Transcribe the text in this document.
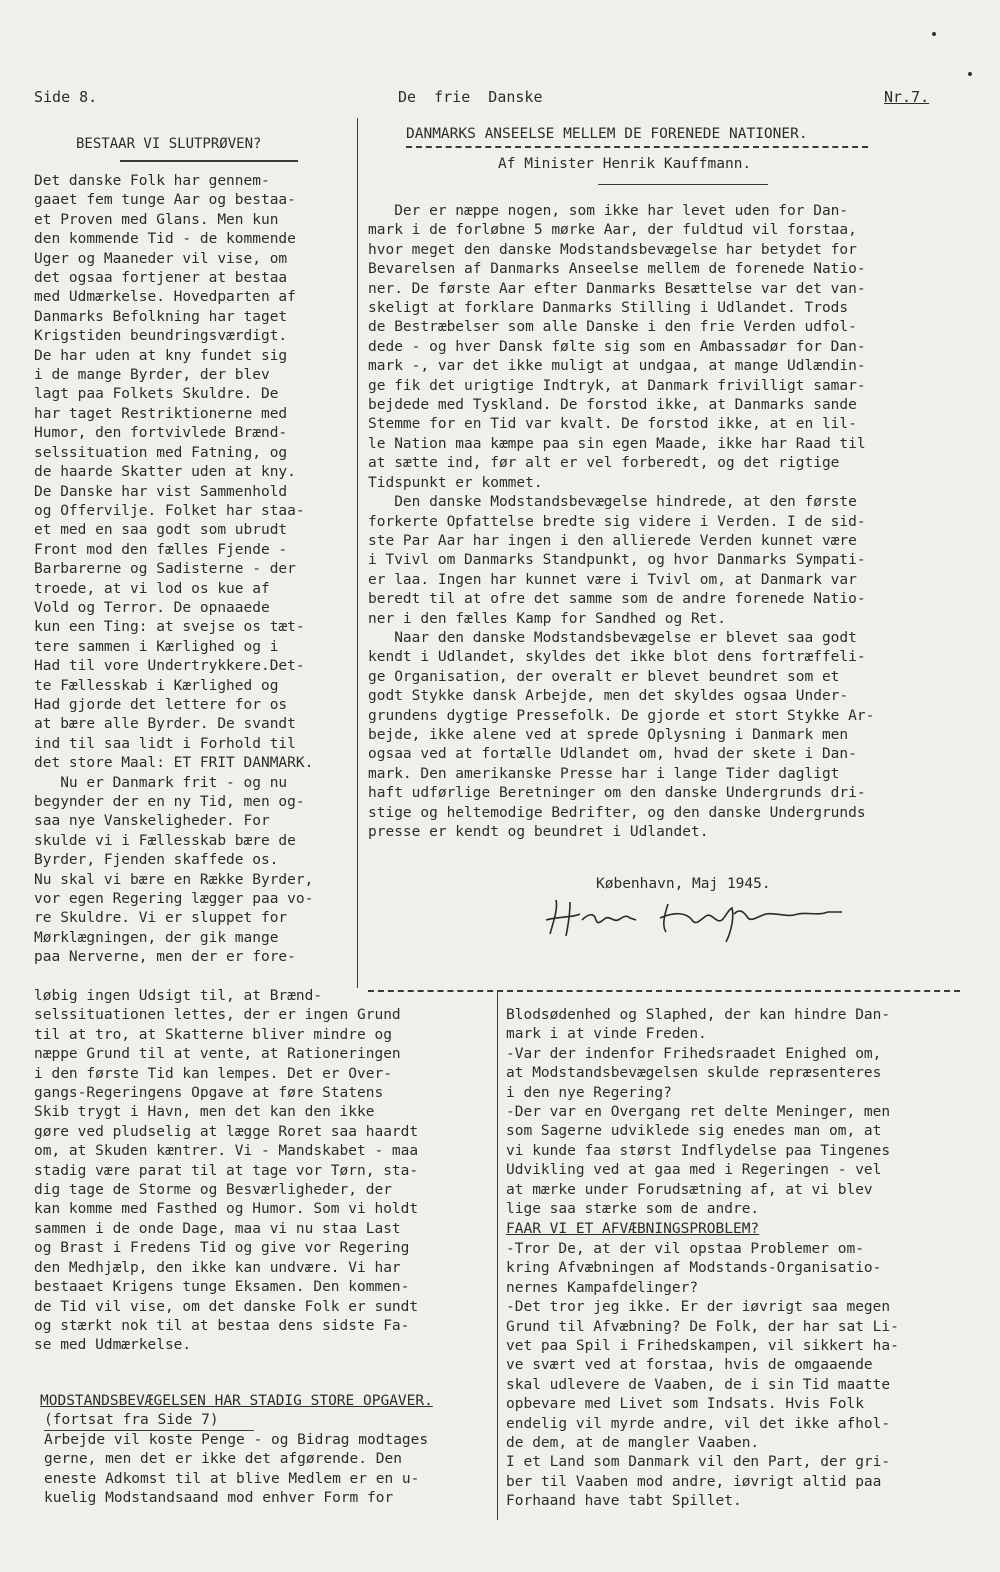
Side 8.	De  frie  Danske	Nr.7.
BESTAAR VI SLUTPRØVEN?
Det danske Folk har gennem-
gaaet fem tunge Aar og bestaa-
et Proven med Glans. Men kun
den kommende Tid - de kommende
Uger og Maaneder vil vise, om
det ogsaa fortjener at bestaa
med Udmærkelse. Hovedparten af
Danmarks Befolkning har taget
Krigstiden beundringsværdigt.
De har uden at kny fundet sig
i de mange Byrder, der blev
lagt paa Folkets Skuldre. De
har taget Restriktionerne med
Humor, den fortvivlede Brænd-
selssituation med Fatning, og
de haarde Skatter uden at kny.
De Danske har vist Sammenhold
og Offervilje. Folket har staa-
et med en saa godt som ubrudt
Front mod den fælles Fjende -
Barbarerne og Sadisterne - der
troede, at vi lod os kue af
Vold og Terror. De opnaaede
kun een Ting: at svejse os tæt-
tere sammen i Kærlighed og i
Had til vore Undertrykkere.Det-
te Fællesskab i Kærlighed og
Had gjorde det lettere for os
at bære alle Byrder. De svandt
ind til saa lidt i Forhold til
det store Maal: ET FRIT DANMARK.
Nu er Danmark frit - og nu
begynder der en ny Tid, men og-
saa nye Vanskeligheder. For
skulde vi i Fællesskab bære de
Byrder, Fjenden skaffede os.
Nu skal vi bære en Række Byrder,
vor egen Regering lægger paa vo-
re Skuldre. Vi er sluppet for
Mørklægningen, der gik mange
paa Nerverne, men der er fore-
løbig ingen Udsigt til, at Brænd-
selssituationen lettes, der er ingen Grund
til at tro, at Skatterne bliver mindre og
næppe Grund til at vente, at Rationeringen
i den første Tid kan lempes. Det er Over-
gangs-Regeringens Opgave at føre Statens
Skib trygt i Havn, men det kan den ikke
gøre ved pludselig at lægge Roret saa haardt
om, at Skuden kæntrer. Vi - Mandskabet - maa
stadig være parat til at tage vor Tørn, sta-
dig tage de Storme og Besværligheder, der
kan komme med Fasthed og Humor. Som vi holdt
sammen i de onde Dage, maa vi nu staa Last
og Brast i Fredens Tid og give vor Regering
den Medhjælp, den ikke kan undvære. Vi har
bestaaet Krigens tunge Eksamen. Den kommen-
de Tid vil vise, om det danske Folk er sundt
og stærkt nok til at bestaa dens sidste Fa-
se med Udmærkelse.
DANMARKS ANSEELSE MELLEM DE FORENEDE NATIONER.
Af Minister Henrik Kauffmann.
Der er næppe nogen, som ikke har levet uden for Dan-
mark i de forløbne 5 mørke Aar, der fuldtud vil forstaa,
hvor meget den danske Modstandsbevægelse har betydet for
Bevarelsen af Danmarks Anseelse mellem de forenede Natio-
ner. De første Aar efter Danmarks Besættelse var det van-
skeligt at forklare Danmarks Stilling i Udlandet. Trods
de Bestræbelser som alle Danske i den frie Verden udfol-
dede - og hver Dansk følte sig som en Ambassadør for Dan-
mark -, var det ikke muligt at undgaa, at mange Udlændin-
ge fik det urigtige Indtryk, at Danmark frivilligt samar-
bejdede med Tyskland. De forstod ikke, at Danmarks sande
Stemme for en Tid var kvalt. De forstod ikke, at en lil-
le Nation maa kæmpe paa sin egen Maade, ikke har Raad til
at sætte ind, før alt er vel forberedt, og det rigtige
Tidspunkt er kommet.
Den danske Modstandsbevægelse hindrede, at den første
forkerte Opfattelse bredte sig videre i Verden. I de sid-
ste Par Aar har ingen i den allierede Verden kunnet være
i Tvivl om Danmarks Standpunkt, og hvor Danmarks Sympati-
er laa. Ingen har kunnet være i Tvivl om, at Danmark var
beredt til at ofre det samme som de andre forenede Natio-
ner i den fælles Kamp for Sandhed og Ret.
Naar den danske Modstandsbevægelse er blevet saa godt
kendt i Udlandet, skyldes det ikke blot dens fortræffeli-
ge Organisation, der overalt er blevet beundret som et
godt Stykke dansk Arbejde, men det skyldes ogsaa Under-
grundens dygtige Pressefolk. De gjorde et stort Stykke Ar-
bejde, ikke alene ved at sprede Oplysning i Danmark men
ogsaa ved at fortælle Udlandet om, hvad der skete i Dan-
mark. Den amerikanske Presse har i lange Tider dagligt
haft udførlige Beretninger om den danske Undergrunds dri-
stige og heltemodige Bedrifter, og den danske Undergrunds
presse er kendt og beundret i Udlandet.
København, Maj 1945.
Blodsødenhed og Slaphed, der kan hindre Dan-
mark i at vinde Freden.
-Var der indenfor Frihedsraadet Enighed om,
at Modstandsbevægelsen skulde repræsenteres
i den nye Regering?
-Der var en Overgang ret delte Meninger, men
som Sagerne udviklede sig enedes man om, at
vi kunde faa størst Indflydelse paa Tingenes
Udvikling ved at gaa med i Regeringen - vel
at mærke under Forudsætning af, at vi blev
lige saa stærke som de andre.
FAAR VI ET AFVÆBNINGSPROBLEM?
-Tror De, at der vil opstaa Problemer om-
kring Afvæbningen af Modstands-Organisatio-
nernes Kampafdelinger?
-Det tror jeg ikke. Er der iøvrigt saa megen
Grund til Afvæbning? De Folk, der har sat Li-
vet paa Spil i Frihedskampen, vil sikkert ha-
ve svært ved at forstaa, hvis de omgaaende
skal udlevere de Vaaben, de i sin Tid maatte
opbevare med Livet som Indsats. Hvis Folk
endelig vil myrde andre, vil det ikke afhol-
de dem, at de mangler Vaaben.
I et Land som Danmark vil den Part, der gri-
ber til Vaaben mod andre, iøvrigt altid paa
Forhaand have tabt Spillet.
MODSTANDSBEVÆGELSEN HAR STADIG STORE OPGAVER.
(fortsat fra Side 7)
Arbejde vil koste Penge - og Bidrag modtages
gerne, men det er ikke det afgørende. Den
eneste Adkomst til at blive Medlem er en u-
kuelig Modstandsaand mod enhver Form for
